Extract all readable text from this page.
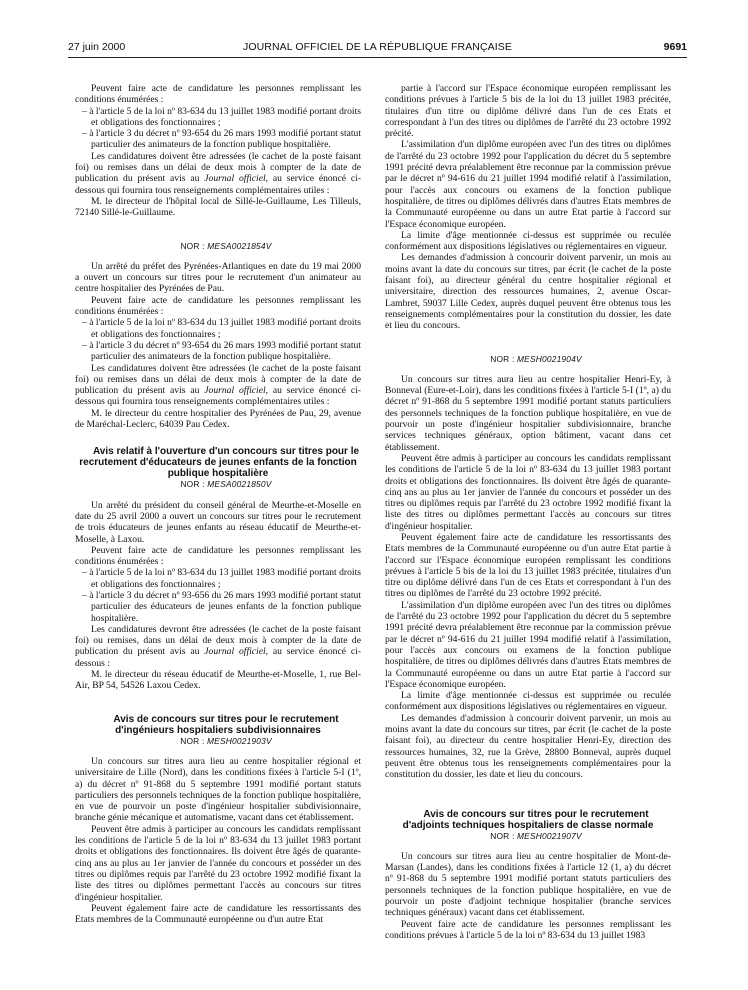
27 juin 2000	JOURNAL OFFICIEL DE LA RÉPUBLIQUE FRANÇAISE	9691

Peuvent faire acte de candidature les personnes remplissant les conditions énumérées :

– à l'article 5 de la loi nº 83-634 du 13 juillet 1983 modifié portant droits et obligations des fonctionnaires ;
– à l'article 3 du décret nº 93-654 du 26 mars 1993 modifié portant statut particulier des animateurs de la fonction publique hospitalière.

Les candidatures doivent être adressées (le cachet de la poste faisant foi) ou remises dans un délai de deux mois à compter de la date de publication du présent avis au Journal officiel, au service énoncé ci-dessous qui fournira tous renseignements complémentaires utiles :

M. le directeur de l'hôpital local de Sillé-le-Guillaume, Les Tilleuls, 72140 Sillé-le-Guillaume.

NOR : MESA0021854V

Un arrêté du préfet des Pyrénées-Atlantiques en date du 19 mai 2000 a ouvert un concours sur titres pour le recrutement d'un animateur au centre hospitalier des Pyrénées de Pau.

Peuvent faire acte de candidature les personnes remplissant les conditions énumérées :

– à l'article 5 de la loi nº 83-634 du 13 juillet 1983 modifié portant droits et obligations des fonctionnaires ;
– à l'article 3 du décret nº 93-654 du 26 mars 1993 modifié portant statut particulier des animateurs de la fonction publique hospitalière.

Les candidatures doivent être adressées (le cachet de la poste faisant foi) ou remises dans un délai de deux mois à compter de la date de publication du présent avis au Journal officiel, au service énoncé ci-dessous qui fournira tous renseignements complémentaires utiles :

M. le directeur du centre hospitalier des Pyrénées de Pau, 29, avenue de Maréchal-Leclerc, 64039 Pau Cedex.

Avis relatif à l'ouverture d'un concours sur titres pour le recrutement d'éducateurs de jeunes enfants de la fonction publique hospitalière

NOR : MESA0021850V

Un arrêté du président du conseil général de Meurthe-et-Moselle en date du 25 avril 2000 a ouvert un concours sur titres pour le recrutement de trois éducateurs de jeunes enfants au réseau éducatif de Meurthe-et-Moselle, à Laxou.

Peuvent faire acte de candidature les personnes remplissant les conditions énumérées :

– à l'article 5 de la loi nº 83-634 du 13 juillet 1983 modifié portant droits et obligations des fonctionnaires ;
– à l'article 3 du décret nº 93-656 du 26 mars 1993 modifié portant statut particulier des éducateurs de jeunes enfants de la fonction publique hospitalière.

Les candidatures devront être adressées (le cachet de la poste faisant foi) ou remises, dans un délai de deux mois à compter de la date de publication du présent avis au Journal officiel, au service énoncé ci-dessous :

M. le directeur du réseau éducatif de Meurthe-et-Moselle, 1, rue Bel-Air, BP 54, 54526 Laxou Cedex.

Avis de concours sur titres pour le recrutement d'ingénieurs hospitaliers subdivisionnaires

NOR : MESH0021903V

Un concours sur titres aura lieu au centre hospitalier régional et universitaire de Lille (Nord), dans les conditions fixées à l'article 5-I (1º, a) du décret nº 91-868 du 5 septembre 1991 modifié portant statuts particuliers des personnels techniques de la fonction publique hospitalière, en vue de pourvoir un poste d'ingénieur hospitalier subdivisionnaire, branche génie mécanique et automatisme, vacant dans cet établissement.

Peuvent être admis à participer au concours les candidats remplissant les conditions de l'article 5 de la loi nº 83-634 du 13 juillet 1983 portant droits et obligations des fonctionnaires. Ils doivent être âgés de quarante-cinq ans au plus au 1er janvier de l'année du concours et posséder un des titres ou diplômes requis par l'arrêté du 23 octobre 1992 modifié fixant la liste des titres ou diplômes permettant l'accès au concours sur titres d'ingénieur hospitalier.

Peuvent également faire acte de candidature les ressortissants des Etats membres de la Communauté européenne ou d'un autre Etat

partie à l'accord sur l'Espace économique européen remplissant les conditions prévues à l'article 5 bis de la loi du 13 juillet 1983 précitée, titulaires d'un titre ou diplôme délivré dans l'un de ces Etats et correspondant à l'un des titres ou diplômes de l'arrêté du 23 octobre 1992 précité.

L'assimilation d'un diplôme européen avec l'un des titres ou diplômes de l'arrêté du 23 octobre 1992 pour l'application du décret du 5 septembre 1991 précité devra préalablement être reconnue par la commission prévue par le décret nº 94-616 du 21 juillet 1994 modifié relatif à l'assimilation, pour l'accès aux concours ou examens de la fonction publique hospitalière, de titres ou diplômes délivrés dans d'autres Etats membres de la Communauté européenne ou dans un autre Etat partie à l'accord sur l'Espace économique européen.

La limite d'âge mentionnée ci-dessus est supprimée ou reculée conformément aux dispositions législatives ou réglementaires en vigueur.

Les demandes d'admission à concourir doivent parvenir, un mois au moins avant la date du concours sur titres, par écrit (le cachet de la poste faisant foi), au directeur général du centre hospitalier régional et universitaire, direction des ressources humaines, 2, avenue Oscar-Lambret, 59037 Lille Cedex, auprès duquel peuvent être obtenus tous les renseignements complémentaires pour la constitution du dossier, les date et lieu du concours.

NOR : MESH0021904V

Un concours sur titres aura lieu au centre hospitalier Henri-Ey, à Bonneval (Eure-et-Loir), dans les conditions fixées à l'article 5-I (1º, a) du décret nº 91-868 du 5 septembre 1991 modifié portant statuts particuliers des personnels techniques de la fonction publique hospitalière, en vue de pourvoir un poste d'ingénieur hospitalier subdivisionnaire, branche services techniques généraux, option bâtiment, vacant dans cet établissement.

Peuvent être admis à participer au concours les candidats remplissant les conditions de l'article 5 de la loi nº 83-634 du 13 juillet 1983 portant droits et obligations des fonctionnaires. Ils doivent être âgés de quarante-cinq ans au plus au 1er janvier de l'année du concours et posséder un des titres ou diplômes requis par l'arrêté du 23 octobre 1992 modifié fixant la liste des titres ou diplômes permettant l'accès au concours sur titres d'ingénieur hospitalier.

Peuvent également faire acte de candidature les ressortissants des Etats membres de la Communauté européenne ou d'un autre Etat partie à l'accord sur l'Espace économique européen remplissant les conditions prévues à l'article 5 bis de la loi du 13 juillet 1983 précitée, titulaires d'un titre ou diplôme délivré dans l'un de ces Etats et correspondant à l'un des titres ou diplômes de l'arrêté du 23 octobre 1992 précité.

L'assimilation d'un diplôme européen avec l'un des titres ou diplômes de l'arrêté du 23 octobre 1992 pour l'application du décret du 5 septembre 1991 précité devra préalablement être reconnue par la commission prévue par le décret nº 94-616 du 21 juillet 1994 modifié relatif à l'assimilation, pour l'accès aux concours ou examens de la fonction publique hospitalière, de titres ou diplômes délivrés dans d'autres Etats membres de la Communauté européenne ou dans un autre Etat partie à l'accord sur l'Espace économique européen.

La limite d'âge mentionnée ci-dessus est supprimée ou reculée conformément aux dispositions législatives ou réglementaires en vigueur.

Les demandes d'admission à concourir doivent parvenir, un mois au moins avant la date du concours sur titres, par écrit (le cachet de la poste faisant foi), au directeur du centre hospitalier Henri-Ey, direction des ressources humaines, 32, rue la Grève, 28800 Bonneval, auprès duquel peuvent être obtenus tous les renseignements complémentaires pour la constitution du dossier, les date et lieu du concours.

Avis de concours sur titres pour le recrutement d'adjoints techniques hospitaliers de classe normale

NOR : MESH0021907V

Un concours sur titres aura lieu au centre hospitalier de Mont-de-Marsan (Landes), dans les conditions fixées à l'article 12 (1, a) du décret nº 91-868 du 5 septembre 1991 modifié portant statuts particuliers des personnels techniques de la fonction publique hospitalière, en vue de pourvoir un poste d'adjoint technique hospitalier (branche services techniques généraux) vacant dans cet établissement.

Peuvent faire acte de candidature les personnes remplissant les conditions prévues à l'article 5 de la loi nº 83-634 du 13 juillet 1983
